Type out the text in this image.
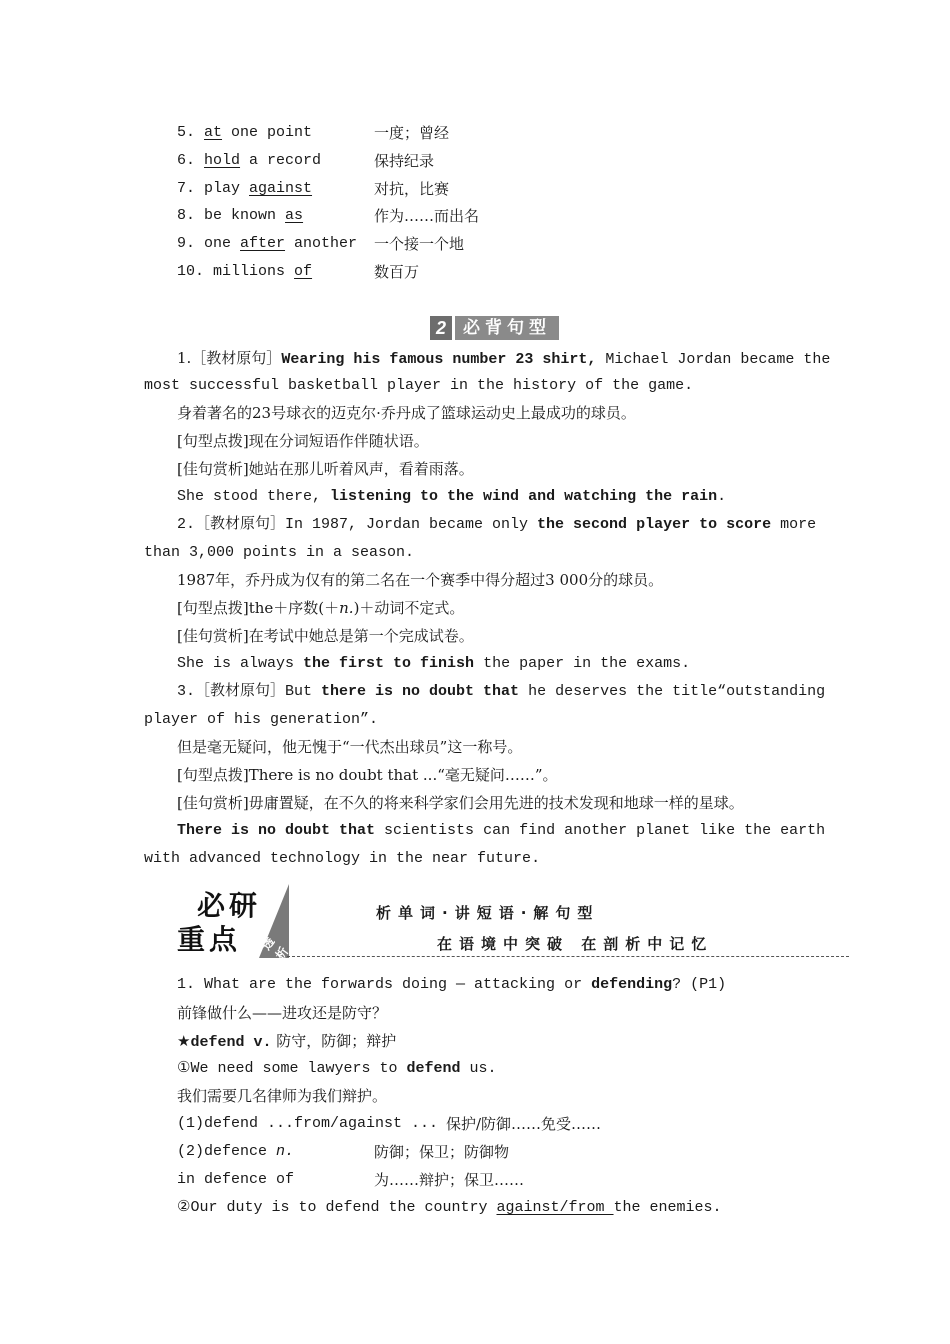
5. at one point	一度；曾经
6. hold a record	保持纪录
7. play against	对抗，比赛
8. be known as	作为……而出名
9. one after another 一个接一个地
10. millions of	数百万
2	必背句型
1.［教材原句］Wearing his famous number 23 shirt, Michael Jordan became the
most successful basketball player in the history of the game.
身着著名的23号球衣的迈克尔·乔丹成了篮球运动史上最成功的球员。
[句型点拨]现在分词短语作伴随状语。
[佳句赏析]她站在那儿听着风声，看着雨落。
She stood there, listening to the wind and watching the rain.
2.［教材原句］In 1987, Jordan became only the second player to score more
than 3,000 points in a season.
1987年，乔丹成为仅有的第二名在一个赛季中得分超过3 000分的球员。
[句型点拨]the＋序数(＋n.)＋动词不定式。
[佳句赏析]在考试中她总是第一个完成试卷。
She is always the first to finish the paper in the exams.
3.［教材原句］But there is no doubt that he deserves the title“outstanding
player of his generation”.
但是毫无疑问，他无愧于“一代杰出球员”这一称号。
[句型点拨]There is no doubt that ...“毫无疑问……”。
[佳句赏析]毋庸置疑，在不久的将来科学家们会用先进的技术发现和地球一样的星球。
There is no doubt that scientists can find another planet like the earth
with advanced technology in the near future.
必研
重点 透析
析单词·讲短语·解句型
在语境中突破 在剖析中记忆
1. What are the forwards doing — attacking or defending? (P1)
前锋做什么——进攻还是防守？
★defend v. 防守，防御；辩护
①We need some lawyers to defend us.
我们需要几名律师为我们辩护。
(1)defend ...from/against ... 保护/防御……免受……
(2)defence n.	防御；保卫；防御物
in defence of	为……辩护；保卫……
②Our duty is to defend the country against/from the enemies.
